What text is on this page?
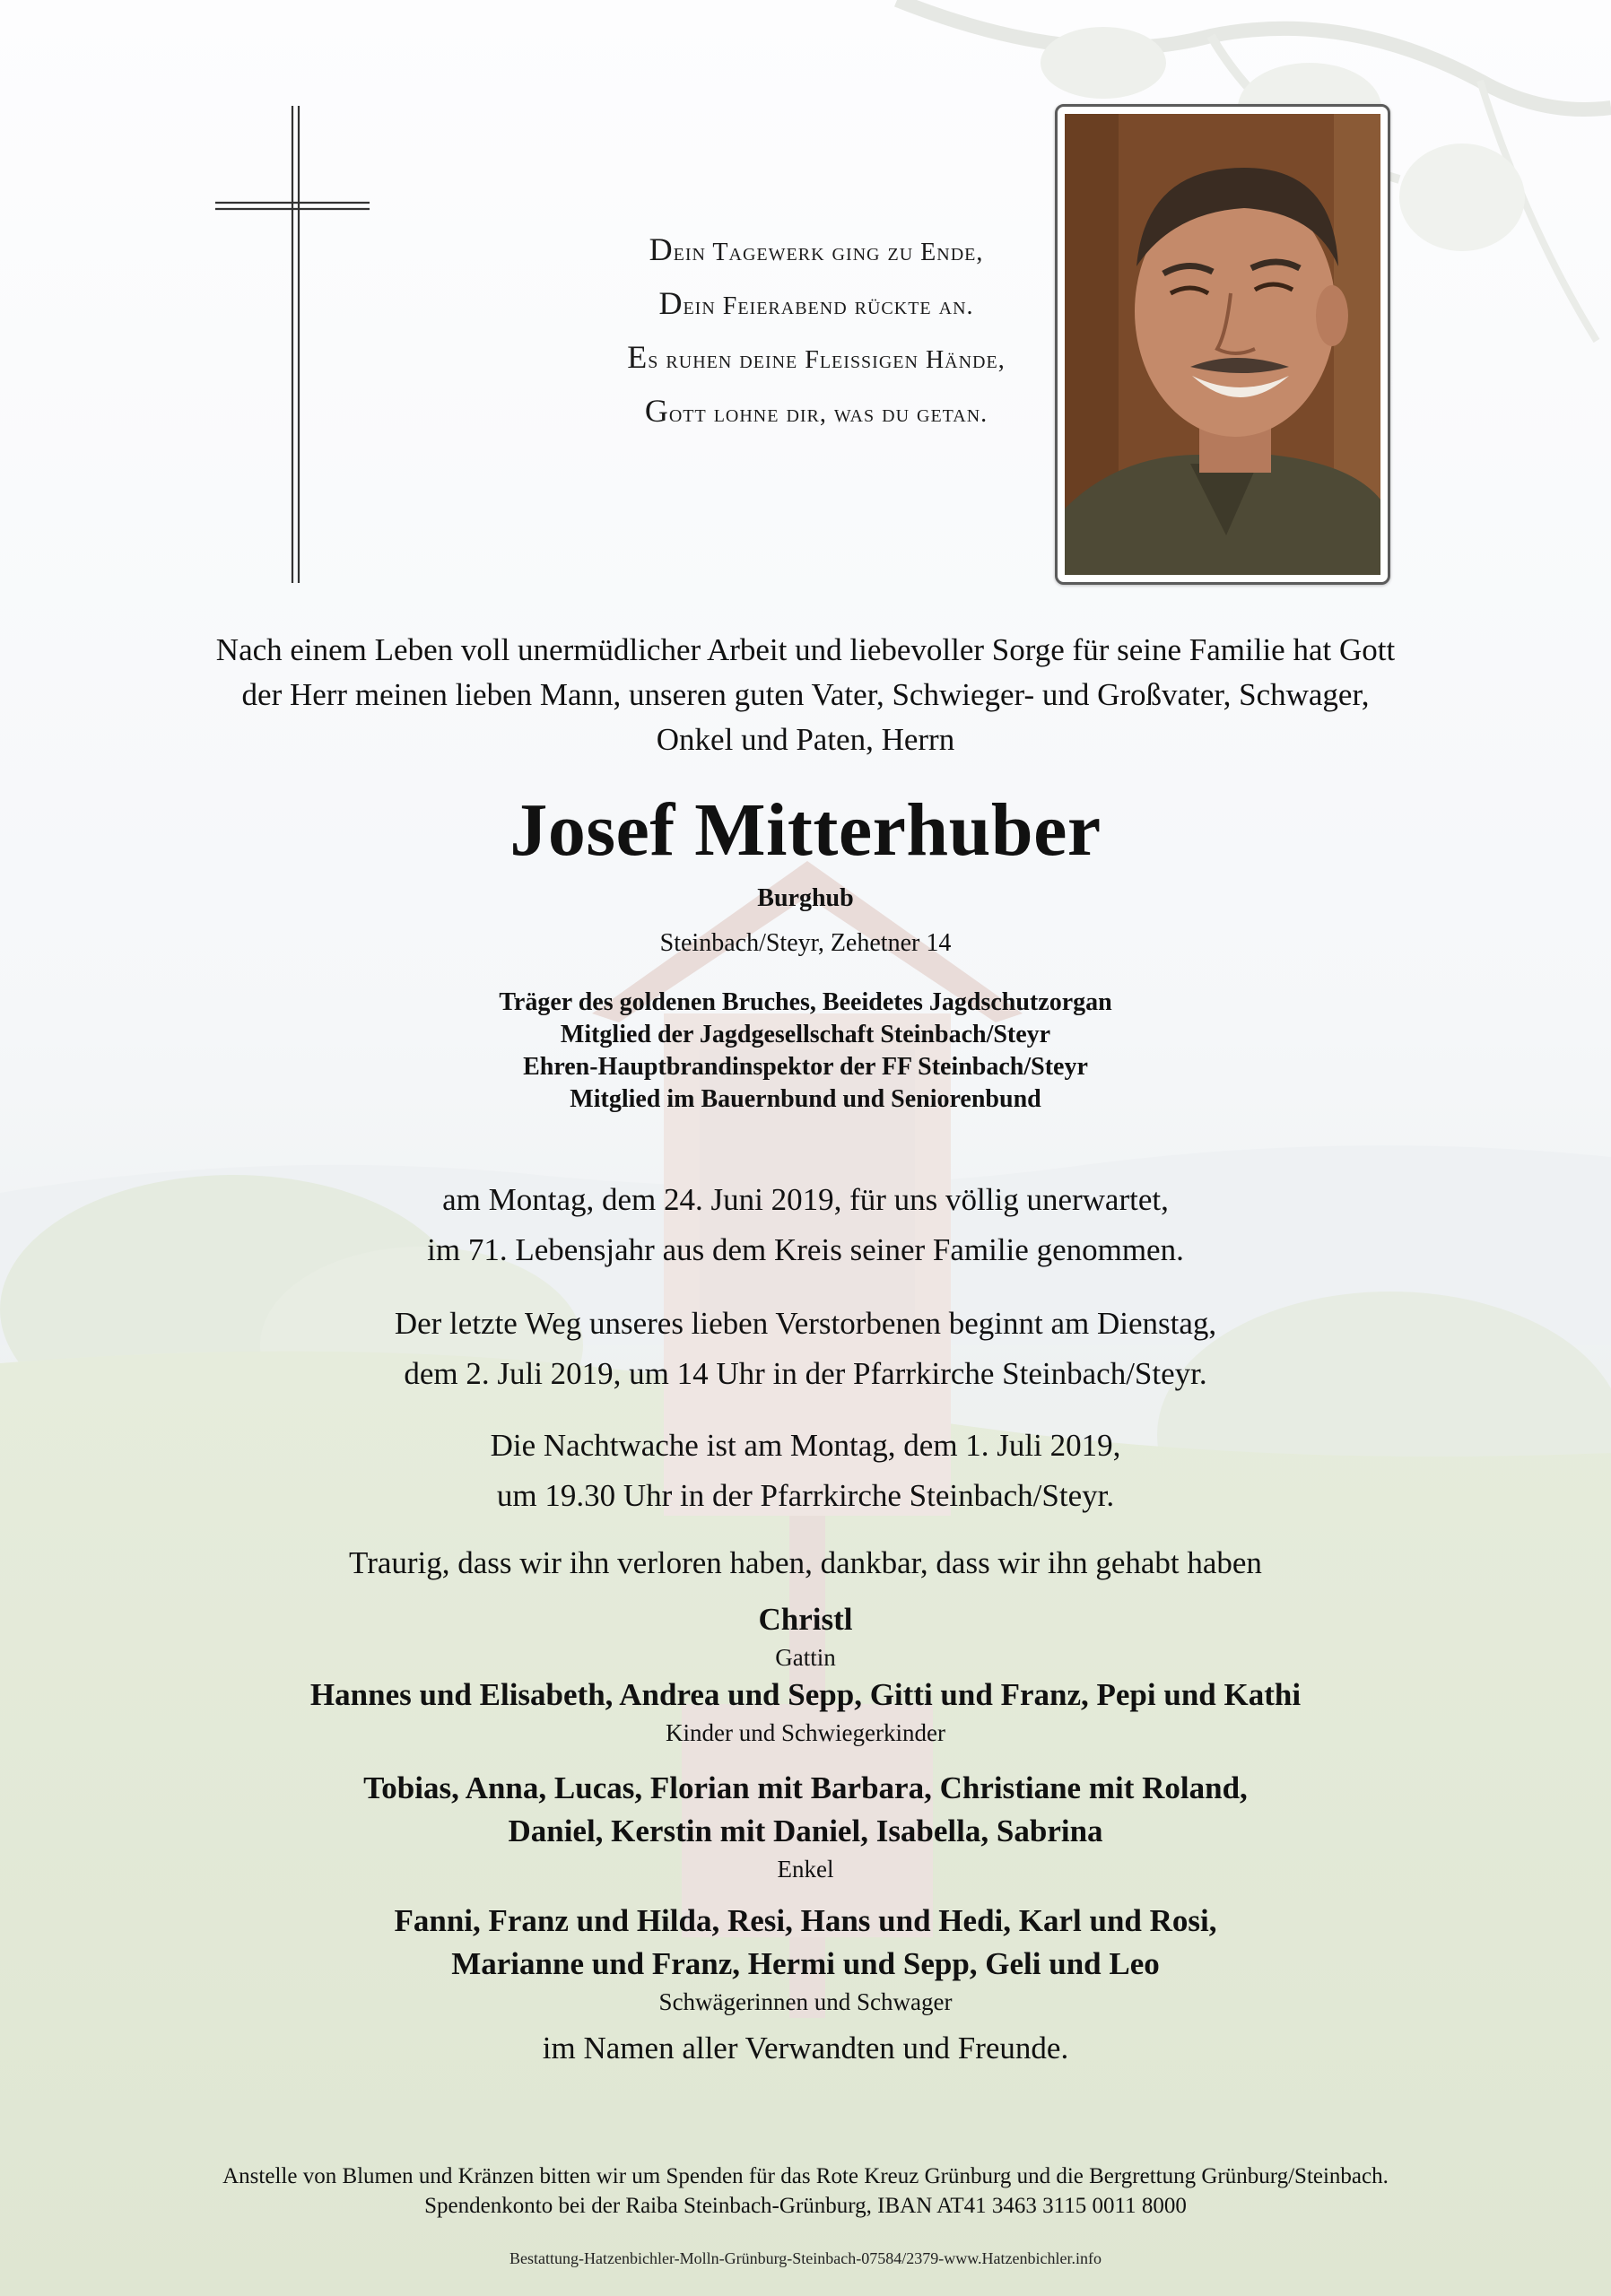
Dein Tagewerk ging zu Ende,
Dein Feierabend rückte an.
Es ruhen deine Fleissigen Hände,
Gott lohne dir, was du getan.
Nach einem Leben voll unermüdlicher Arbeit und liebevoller Sorge für seine Familie hat Gott
der Herr meinen lieben Mann, unseren guten Vater, Schwieger- und Großvater, Schwager,
Onkel und Paten, Herrn
Josef Mitterhuber
Burghub
Steinbach/Steyr, Zehetner 14
Träger des goldenen Bruches, Beeidetes Jagdschutzorgan
Mitglied der Jagdgesellschaft Steinbach/Steyr
Ehren-Hauptbrandinspektor der FF Steinbach/Steyr
Mitglied im Bauernbund und Seniorenbund
am Montag, dem 24. Juni 2019, für uns völlig unerwartet,
im 71. Lebensjahr aus dem Kreis seiner Familie genommen.
Der letzte Weg unseres lieben Verstorbenen beginnt am Dienstag,
dem 2. Juli 2019, um 14 Uhr in der Pfarrkirche Steinbach/Steyr.
Die Nachtwache ist am Montag, dem 1. Juli 2019,
um 19.30 Uhr in der Pfarrkirche Steinbach/Steyr.
Traurig, dass wir ihn verloren haben, dankbar, dass wir ihn gehabt haben
Christl
Gattin
Hannes und Elisabeth, Andrea und Sepp, Gitti und Franz, Pepi und Kathi
Kinder und Schwiegerkinder
Tobias, Anna, Lucas, Florian mit Barbara, Christiane mit Roland,
Daniel, Kerstin mit Daniel, Isabella, Sabrina
Enkel
Fanni, Franz und Hilda, Resi, Hans und Hedi, Karl und Rosi,
Marianne und Franz, Hermi und Sepp, Geli und Leo
Schwägerinnen und Schwager
im Namen aller Verwandten und Freunde.
Anstelle von Blumen und Kränzen bitten wir um Spenden für das Rote Kreuz Grünburg und die Bergrettung Grünburg/Steinbach.
Spendenkonto bei der Raiba Steinbach-Grünburg, IBAN AT41 3463 3115 0011 8000
Bestattung-Hatzenbichler-Molln-Grünburg-Steinbach-07584/2379-www.Hatzenbichler.info
